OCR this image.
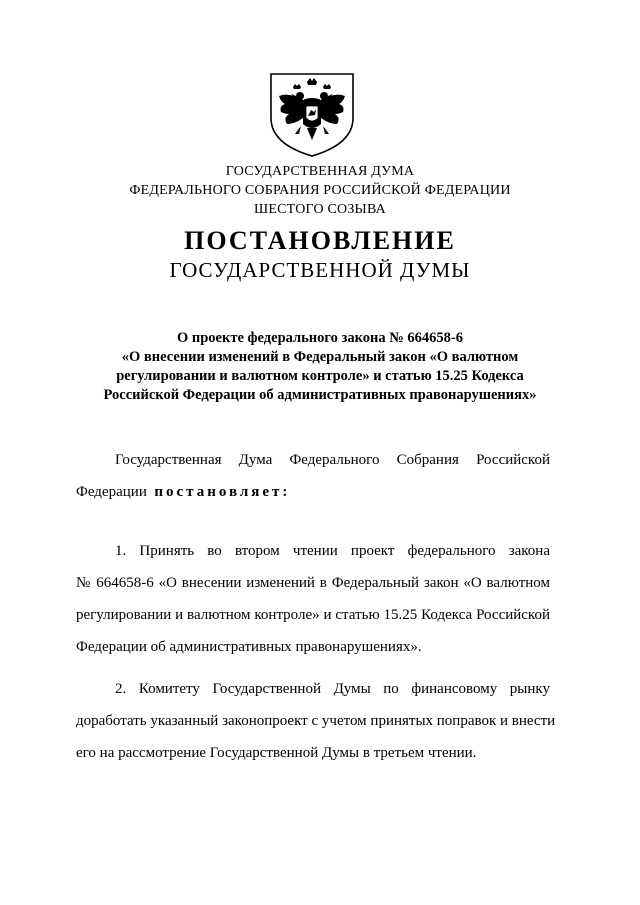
ГОСУДАРСТВЕННАЯ ДУМА
ФЕДЕРАЛЬНОГО СОБРАНИЯ РОССИЙСКОЙ ФЕДЕРАЦИИ
ШЕСТОГО СОЗЫВА
ПОСТАНОВЛЕНИЕ
ГОСУДАРСТВЕННОЙ ДУМЫ
О проекте федерального закона № 664658-6
«О внесении изменений в Федеральный закон «О валютном
регулировании и валютном контроле» и статью 15.25 Кодекса
Российской Федерации об административных правонарушениях»
Государственная Дума Федерального Собрания Российской
Федерации постановляет:
1. Принять во втором чтении проект федерального закона
№ 664658-6 «О внесении изменений в Федеральный закон «О валютном
регулировании и валютном контроле» и статью 15.25 Кодекса Российской
Федерации об административных правонарушениях».
2. Комитету Государственной Думы по финансовому рынку
доработать указанный законопроект с учетом принятых поправок и внести
его на рассмотрение Государственной Думы в третьем чтении.
